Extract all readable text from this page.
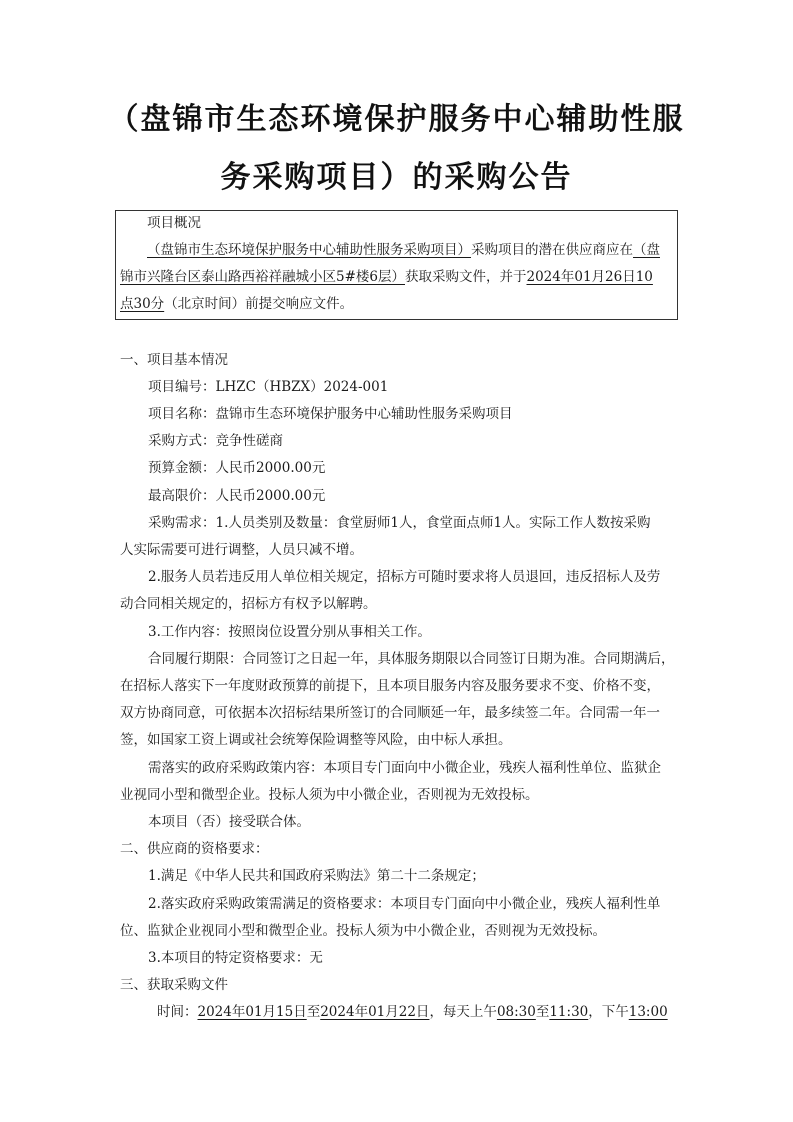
（盘锦市生态环境保护服务中心辅助性服
务采购项目）的采购公告
项目概况
（盘锦市生态环境保护服务中心辅助性服务采购项目）采购项目的潜在供应商应在（盘
锦市兴隆台区泰山路西裕祥融城小区5#楼6层）获取采购文件，并于2024年01月26日10
点30分（北京时间）前提交响应文件。
一、项目基本情况
项目编号：LHZC（HBZX）2024-001
项目名称：盘锦市生态环境保护服务中心辅助性服务采购项目
采购方式：竞争性磋商
预算金额：人民币2000.00元
最高限价：人民币2000.00元
采购需求：1.人员类别及数量：食堂厨师1人，食堂面点师1人。实际工作人数按采购
人实际需要可进行调整，人员只减不增。
2.服务人员若违反用人单位相关规定，招标方可随时要求将人员退回，违反招标人及劳
动合同相关规定的，招标方有权予以解聘。
3.工作内容：按照岗位设置分别从事相关工作。
合同履行期限：合同签订之日起一年，具体服务期限以合同签订日期为准。合同期满后，
在招标人落实下一年度财政预算的前提下，且本项目服务内容及服务要求不变、价格不变，
双方协商同意，可依据本次招标结果所签订的合同顺延一年，最多续签二年。合同需一年一
签，如国家工资上调或社会统筹保险调整等风险，由中标人承担。
需落实的政府采购政策内容：本项目专门面向中小微企业，残疾人福利性单位、监狱企
业视同小型和微型企业。投标人须为中小微企业，否则视为无效投标。
本项目（否）接受联合体。
二、供应商的资格要求：
1.满足《中华人民共和国政府采购法》第二十二条规定；
2.落实政府采购政策需满足的资格要求：本项目专门面向中小微企业，残疾人福利性单
位、监狱企业视同小型和微型企业。投标人须为中小微企业，否则视为无效投标。
3.本项目的特定资格要求：无
三、获取采购文件
时间：2024年01月15日至2024年01月22日，每天上午08:30至11:30，下午13:00
